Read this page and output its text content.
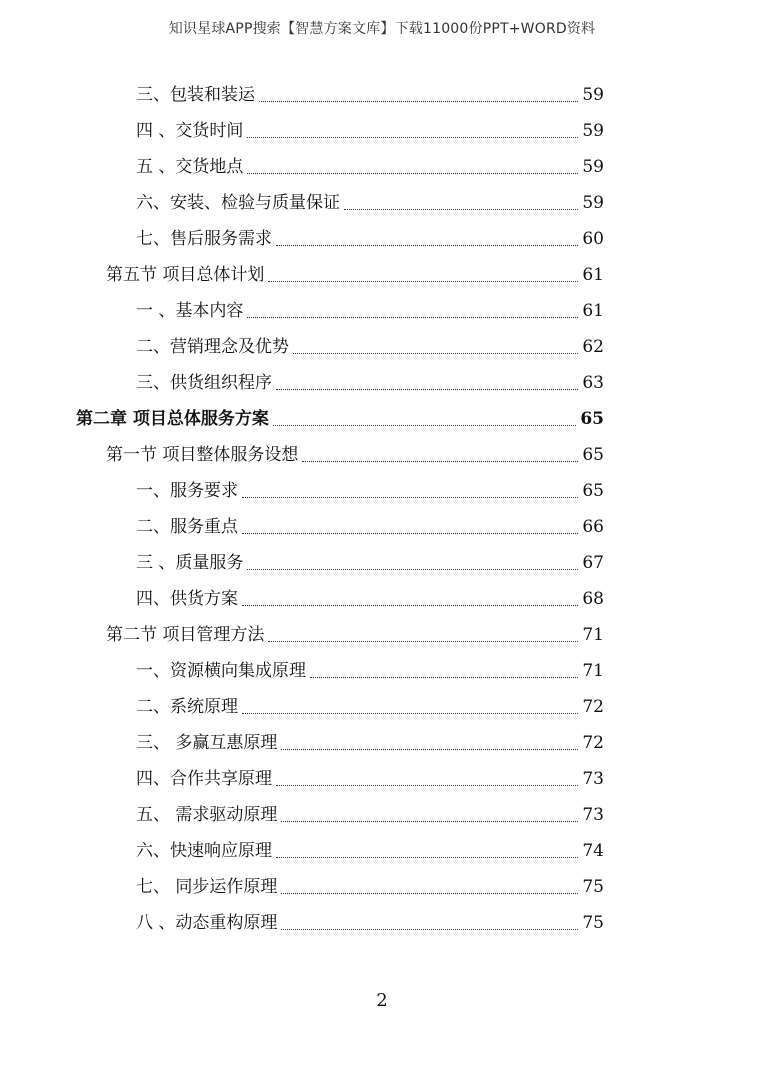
知识星球APP搜索【智慧方案文库】下载11000份PPT+WORD资料
三、包装和装运	59
四 、交货时间	59
五 、交货地点	59
六、安装、检验与质量保证	59
七、售后服务需求	60
第五节 项目总体计划	61
一 、基本内容	61
二、营销理念及优势	62
三、供货组织程序	63
第二章 项目总体服务方案	65
第一节 项目整体服务设想	65
一、服务要求	65
二、服务重点	66
三 、质量服务	67
四、供货方案	68
第二节 项目管理方法	71
一、资源横向集成原理	71
二、系统原理	72
三、 多赢互惠原理	72
四、合作共享原理	73
五、 需求驱动原理	73
六、快速响应原理	74
七、 同步运作原理	75
八 、动态重构原理	75
2
